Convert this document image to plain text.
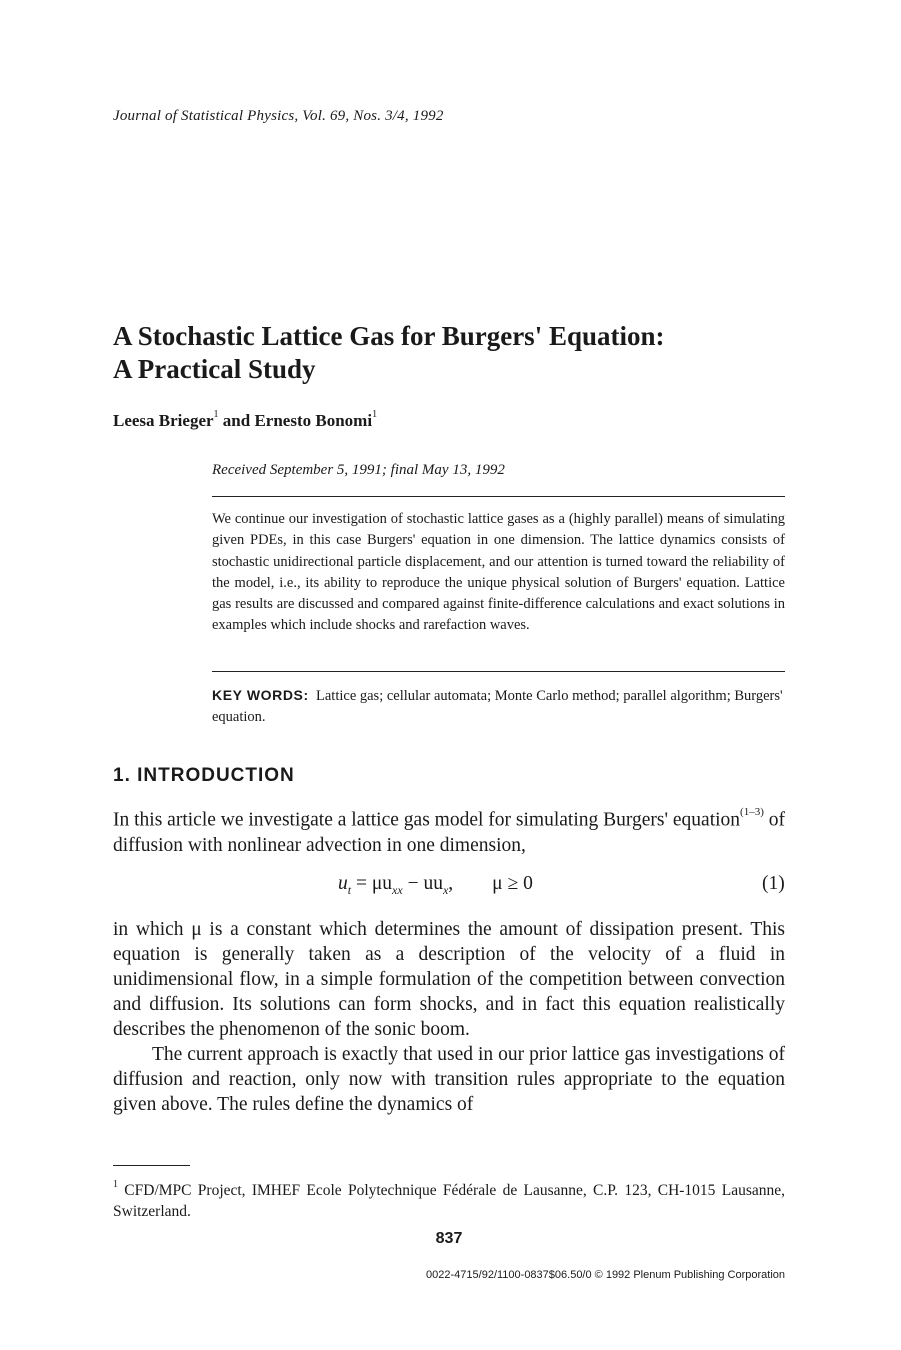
Journal of Statistical Physics, Vol. 69, Nos. 3/4, 1992
A Stochastic Lattice Gas for Burgers' Equation:
A Practical Study
Leesa Brieger$^1$ and Ernesto Bonomi$^1$
Received September 5, 1991; final May 13, 1992
We continue our investigation of stochastic lattice gases as a (highly parallel) means of simulating given PDEs, in this case Burgers' equation in one dimension. The lattice dynamics consists of stochastic unidirectional particle displacement, and our attention is turned toward the reliability of the model, i.e., its ability to reproduce the unique physical solution of Burgers' equation. Lattice gas results are discussed and compared against finite-difference calculations and exact solutions in examples which include shocks and rarefaction waves.
KEY WORDS: Lattice gas; cellular automata; Monte Carlo method; parallel algorithm; Burgers' equation.
1. INTRODUCTION
In this article we investigate a lattice gas model for simulating Burgers' equation$^{(1-3)}$ of diffusion with nonlinear advection in one dimension,
$u_t = \mu u_{xx} - uu_x$,        μ ≥ 0	(1)
in which μ is a constant which determines the amount of dissipation present. This equation is generally taken as a description of the velocity of a fluid in unidimensional flow, in a simple formulation of the competition between convection and diffusion. Its solutions can form shocks, and in fact this equation realistically describes the phenomenon of the sonic boom.
The current approach is exactly that used in our prior lattice gas investigations of diffusion and reaction, only now with transition rules appropriate to the equation given above. The rules define the dynamics of
$^1$ CFD/MPC Project, IMHEF Ecole Polytechnique Fédérale de Lausanne, C.P. 123, CH-1015 Lausanne, Switzerland.
837
0022-4715/92/1100-0837$06.50/0 © 1992 Plenum Publishing Corporation
